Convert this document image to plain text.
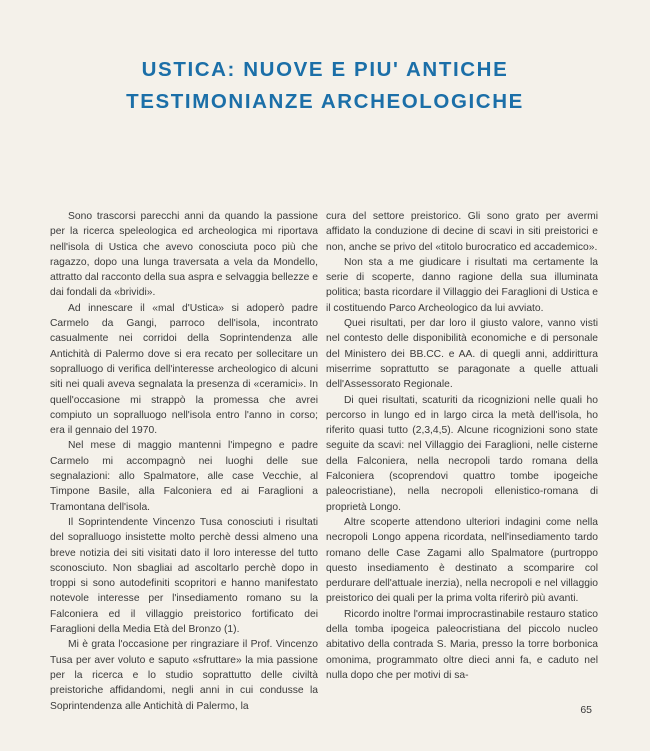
USTICA: NUOVE E PIU' ANTICHE
TESTIMONIANZE ARCHEOLOGICHE

Sono trascorsi parecchi anni da quando la passione per la ricerca speleologica ed archeologica mi riportava nell'isola di Ustica che avevo conosciuta poco più che ragazzo, dopo una lunga traversata a vela da Mondello, attratto dal racconto della sua aspra e selvaggia bellezze e dai fondali da «brividi».

Ad innescare il «mal d'Ustica» si adoperò padre Carmelo da Gangi, parroco dell'isola, incontrato casualmente nei corridoi della Soprintendenza alle Antichità di Palermo dove si era recato per sollecitare un sopralluogo di verifica dell'interesse archeologico di alcuni siti nei quali aveva segnalata la presenza di «ceramici». In quell'occasione mi strappò la promessa che avrei compiuto un sopralluogo nell'isola entro l'anno in corso; era il gennaio del 1970.

Nel mese di maggio mantenni l'impegno e padre Carmelo mi accompagnò nei luoghi delle sue segnalazioni: allo Spalmatore, alle case Vecchie, al Timpone Basile, alla Falconiera ed ai Faraglioni a Tramontana dell'isola.

Il Soprintendente Vincenzo Tusa conosciuti i risultati del sopralluogo insistette molto perchè dessi almeno una breve notizia dei siti visitati dato il loro interesse del tutto sconosciuto. Non sbagliai ad ascoltarlo perchè dopo in troppi si sono autodefiniti scopritori e hanno manifestato notevole interesse per l'insediamento romano su la Falconiera ed il villaggio preistorico fortificato dei Faraglioni della Media Età del Bronzo (1).

Mi è grata l'occasione per ringraziare il Prof. Vincenzo Tusa per aver voluto e saputo «sfruttare» la mia passione per la ricerca e lo studio soprattutto delle civiltà preistoriche affidandomi, negli anni in cui condusse la Soprintendenza alle Antichità di Palermo, la

cura del settore preistorico. Gli sono grato per avermi affidato la conduzione di decine di scavi in siti preistorici e non, anche se privo del «titolo burocratico ed accademico».

Non sta a me giudicare i risultati ma certamente la serie di scoperte, danno ragione della sua illuminata politica; basta ricordare il Villaggio dei Faraglioni di Ustica e il costituendo Parco Archeologico da lui avviato.

Quei risultati, per dar loro il giusto valore, vanno visti nel contesto delle disponibilità economiche e di personale del Ministero dei BB.CC. e AA. di quegli anni, addirittura miserrime soprattutto se paragonate a quelle attuali dell'Assessorato Regionale.

Di quei risultati, scaturiti da ricognizioni nelle quali ho percorso in lungo ed in largo circa la metà dell'isola, ho riferito quasi tutto (2,3,4,5). Alcune ricognizioni sono state seguite da scavi: nel Villaggio dei Faraglioni, nelle cisterne della Falconiera, nella necropoli tardo romana della Falconiera (scoprendovi quattro tombe ipogeiche paleocristiane), nella necropoli ellenistico-romana di proprietà Longo.

Altre scoperte attendono ulteriori indagini come nella necropoli Longo appena ricordata, nell'insediamento tardo romano delle Case Zagami allo Spalmatore (purtroppo questo insediamento è destinato a scomparire col perdurare dell'attuale inerzia), nella necropoli e nel villaggio preistorico dei quali per la prima volta riferirò più avanti.

Ricordo inoltre l'ormai improcrastinabile restauro statico della tomba ipogeica paleocristiana del piccolo nucleo abitativo della contrada S. Maria, presso la torre borbonica omonima, programmato oltre dieci anni fa, e caduto nel nulla dopo che per motivi di sa-

65
